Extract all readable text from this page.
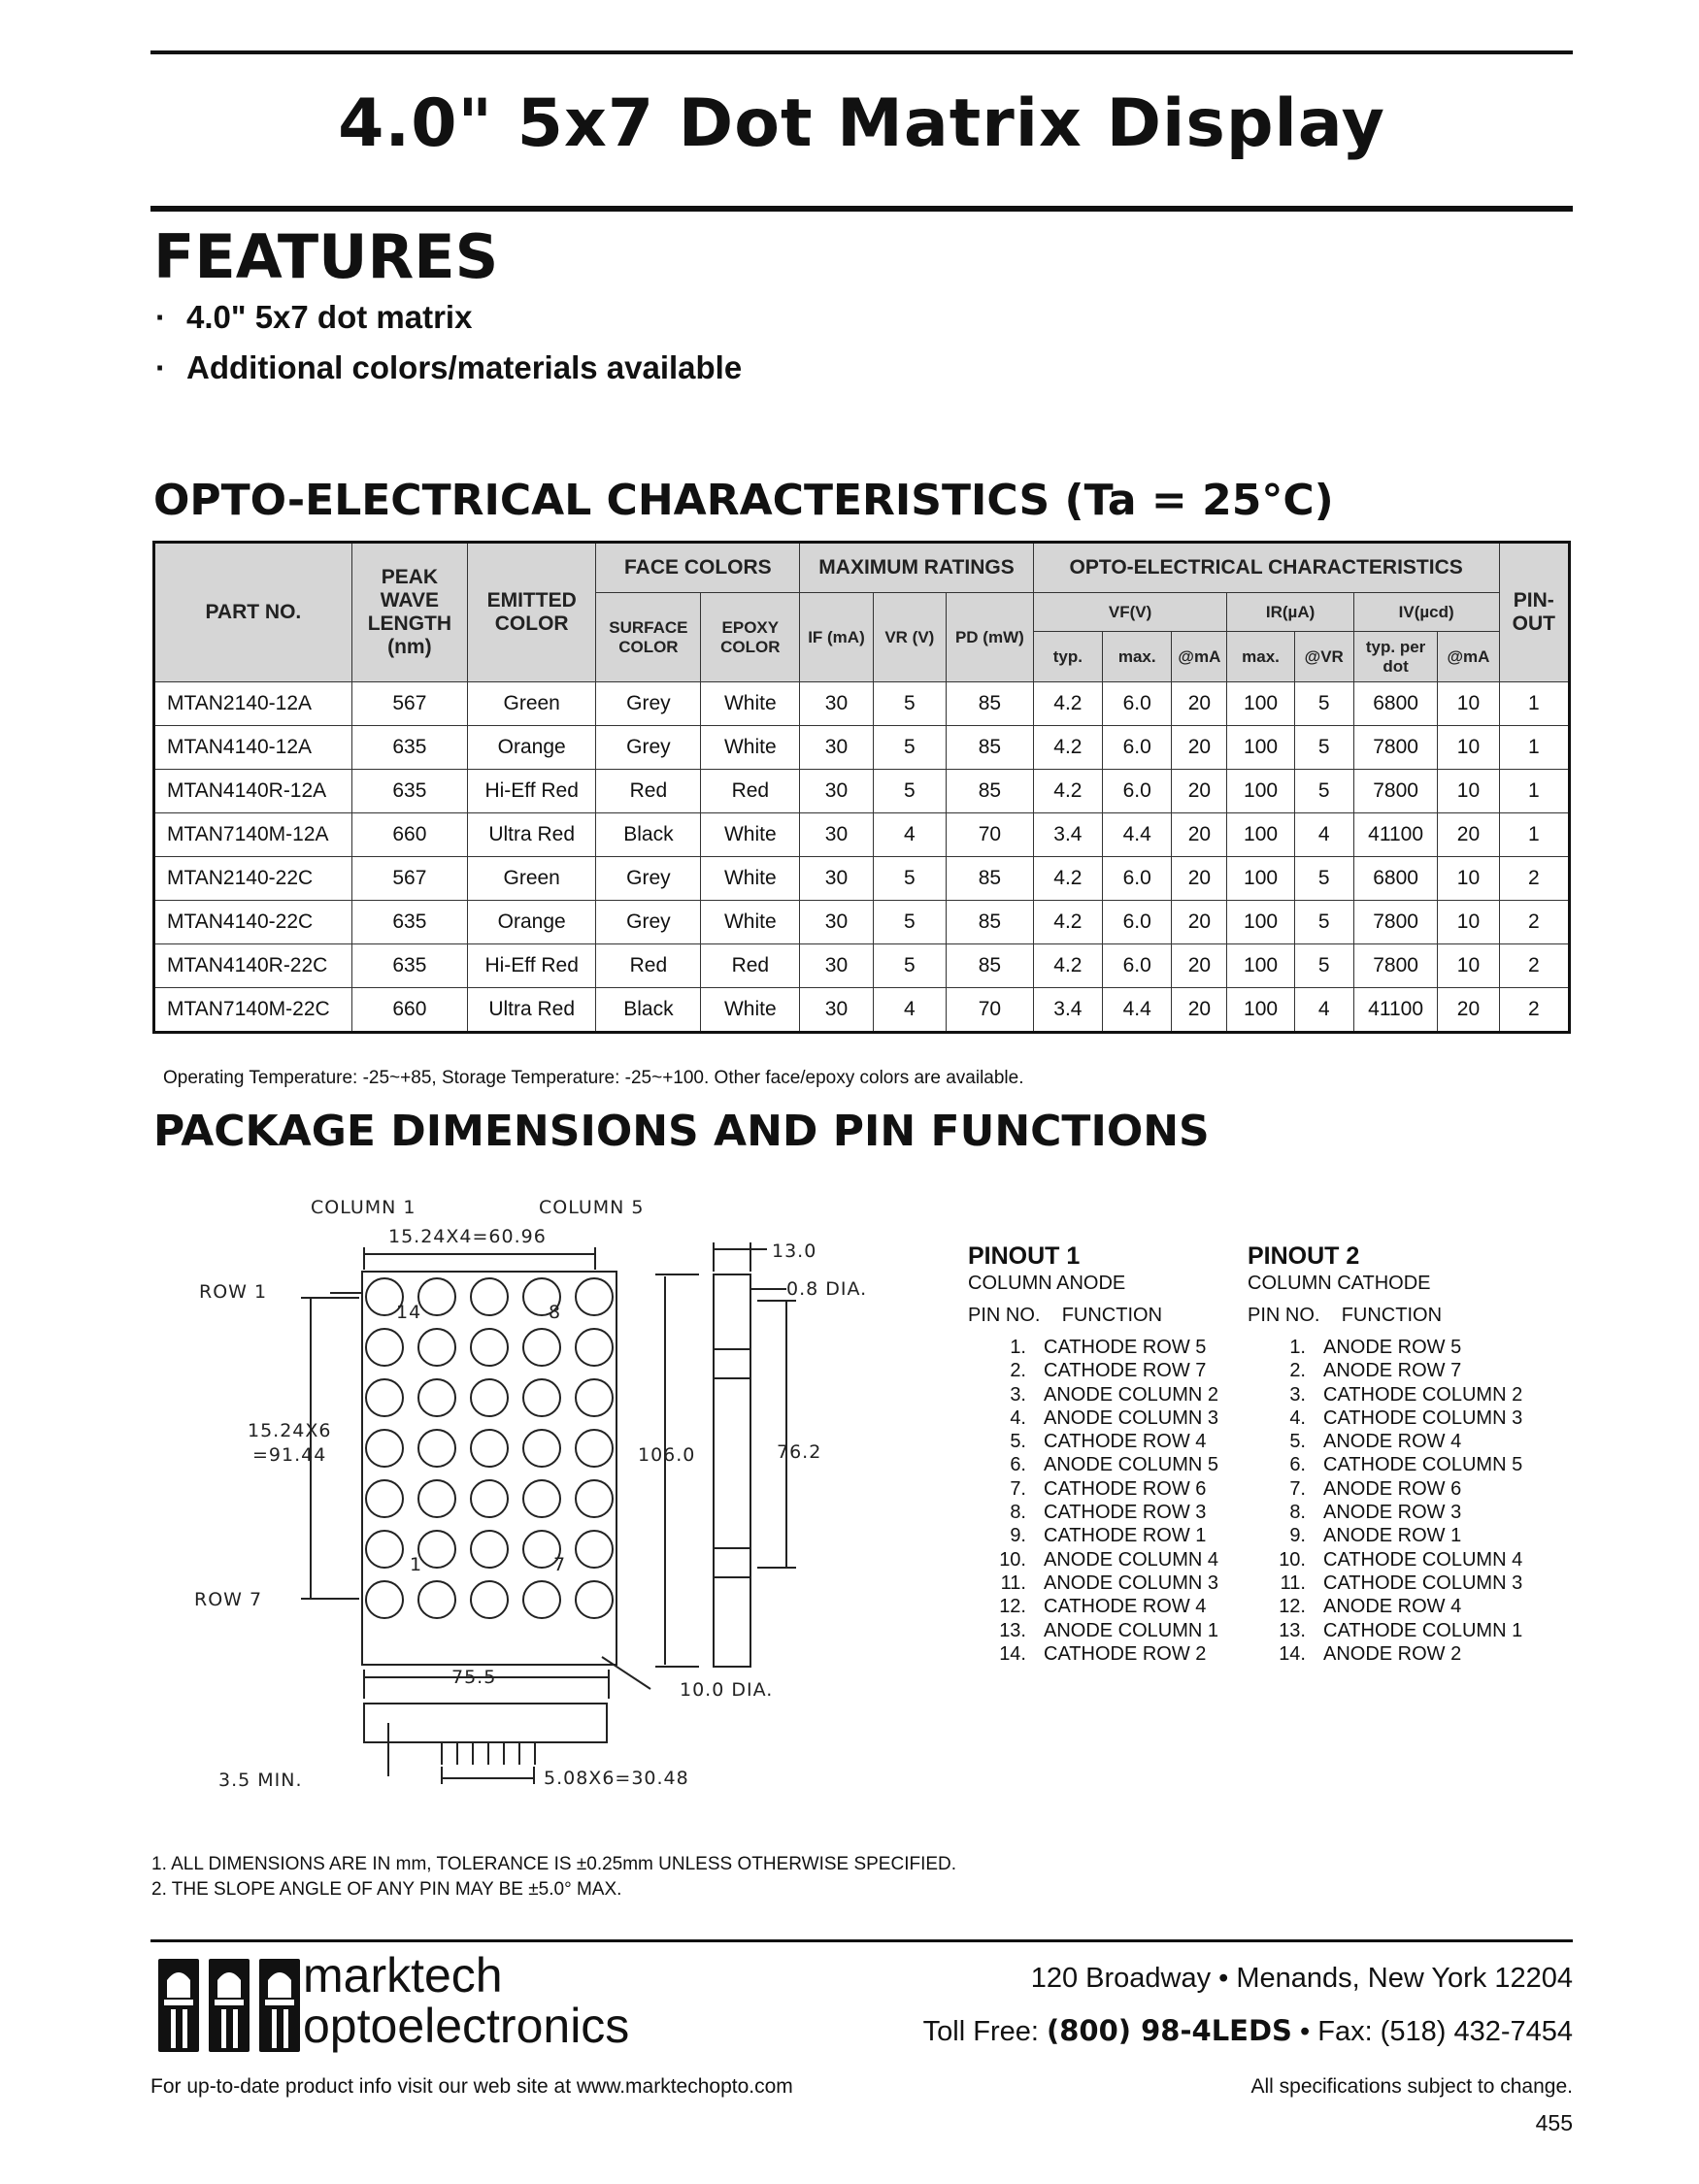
4.0" 5x7 Dot Matrix Display
FEATURES
· 4.0" 5x7 dot matrix
· Additional colors/materials available
OPTO-ELECTRICAL CHARACTERISTICS (Ta = 25°C)
PART NO.	PEAK WAVE LENGTH (nm)	EMITTED COLOR	FACE COLORS		MAXIMUM RATINGS			OPTO-ELECTRICAL CHARACTERISTICS							PIN-OUT
			SURFACE COLOR	EPOXY COLOR	IF (mA)	VR (V)	PD (mW)	VF(V)			IR(µA)		IV(µcd)		
								typ.	max.	@mA	max.	@VR	typ. per dot	@mA	
MTAN2140-12A	567	Green	Grey	White	30	5	85	4.2	6.0	20	100	5	6800	10	1
MTAN4140-12A	635	Orange	Grey	White	30	5	85	4.2	6.0	20	100	5	7800	10	1
MTAN4140R-12A	635	Hi-Eff Red	Red	Red	30	5	85	4.2	6.0	20	100	5	7800	10	1
MTAN7140M-12A	660	Ultra Red	Black	White	30	4	70	3.4	4.4	20	100	4	41100	20	1
MTAN2140-22C	567	Green	Grey	White	30	5	85	4.2	6.0	20	100	5	6800	10	2
MTAN4140-22C	635	Orange	Grey	White	30	5	85	4.2	6.0	20	100	5	7800	10	2
MTAN4140R-22C	635	Hi-Eff Red	Red	Red	30	5	85	4.2	6.0	20	100	5	7800	10	2
MTAN7140M-22C	660	Ultra Red	Black	White	30	4	70	3.4	4.4	20	100	4	41100	20	2
Operating Temperature: -25~+85, Storage Temperature: -25~+100. Other face/epoxy colors are available.
PACKAGE DIMENSIONS AND PIN FUNCTIONS
COLUMN 1	COLUMN 5
15.24X4=60.96
ROW 1
ROW 7
15.24X6
=91.44
14	8
1	7
106.0	76.2
13.0
0.8 DIA.
10.0 DIA.
75.5
3.5 MIN.	5.08X6=30.48
PINOUT 1
COLUMN ANODE
PIN NO. FUNCTION
1. CATHODE ROW 5
2. CATHODE ROW 7
3. ANODE COLUMN 2
4. ANODE COLUMN 3
5. CATHODE ROW 4
6. ANODE COLUMN 5
7. CATHODE ROW 6
8. CATHODE ROW 3
9. CATHODE ROW 1
10. ANODE COLUMN 4
11. ANODE COLUMN 3
12. CATHODE ROW 4
13. ANODE COLUMN 1
14. CATHODE ROW 2
PINOUT 2
COLUMN CATHODE
PIN NO. FUNCTION
1. ANODE ROW 5
2. ANODE ROW 7
3. CATHODE COLUMN 2
4. CATHODE COLUMN 3
5. ANODE ROW 4
6. CATHODE COLUMN 5
7. ANODE ROW 6
8. ANODE ROW 3
9. ANODE ROW 1
10. CATHODE COLUMN 4
11. CATHODE COLUMN 3
12. ANODE ROW 4
13. CATHODE COLUMN 1
14. ANODE ROW 2
1. ALL DIMENSIONS ARE IN mm, TOLERANCE IS ±0.25mm UNLESS OTHERWISE SPECIFIED.
2. THE SLOPE ANGLE OF ANY PIN MAY BE ±5.0° MAX.
marktech
optoelectronics
120 Broadway • Menands, New York 12204
Toll Free: (800) 98-4LEDS • Fax: (518) 432-7454
For up-to-date product info visit our web site at www.marktechopto.com	All specifications subject to change.
455
